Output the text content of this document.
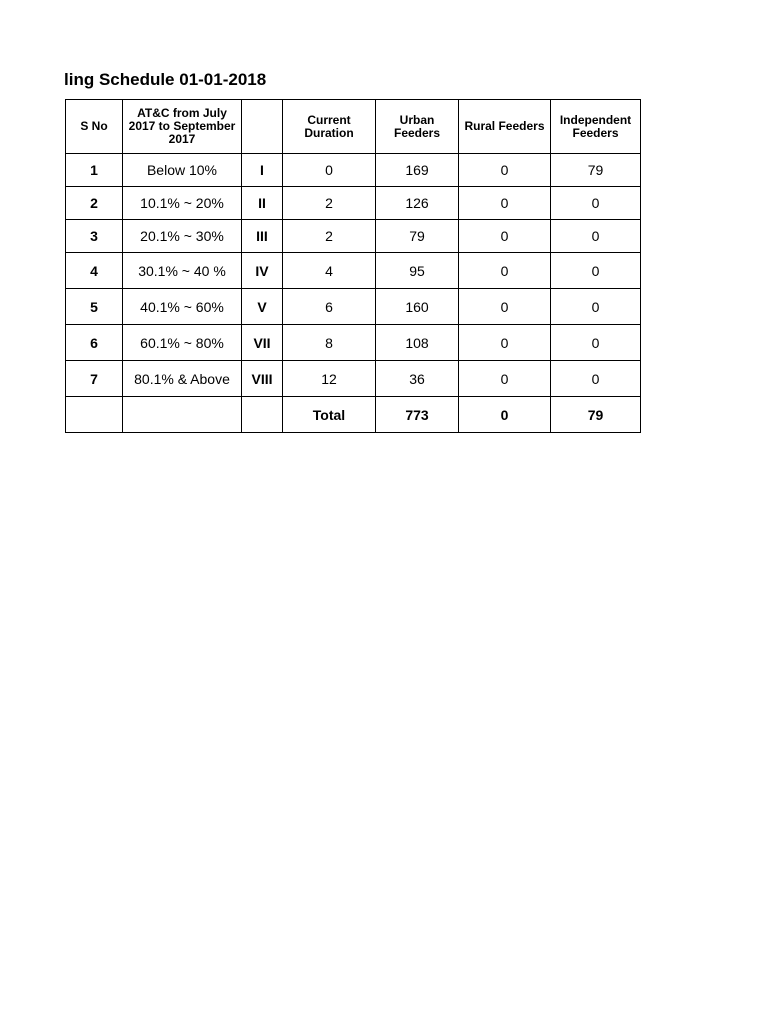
ling Schedule 01-01-2018
S No	AT&C from July 2017 to September 2017		Current Duration	Urban Feeders	Rural Feeders	Independent Feeders
1	Below 10%	I	0	169	0	79
2	10.1% ~ 20%	II	2	126	0	0
3	20.1% ~ 30%	III	2	79	0	0
4	30.1% ~ 40 %	IV	4	95	0	0
5	40.1% ~ 60%	V	6	160	0	0
6	60.1% ~ 80%	VII	8	108	0	0
7	80.1% & Above	VIII	12	36	0	0
			Total	773	0	79
